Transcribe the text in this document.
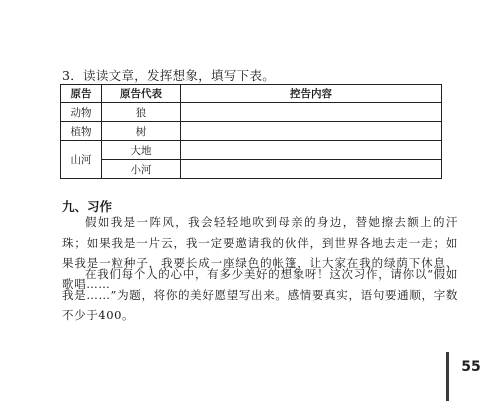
3．读读文章，发挥想象，填写下表。
原告	原告代表	控告内容
动物	狼	
植物	树	
山河	大地	
	小河	
九、习作

假如我是一阵风，我会轻轻地吹到母亲的身边，替她擦去额上的汗珠；如果我是一片云，我一定要邀请我的伙伴，到世界各地去走一走；如果我是一粒种子，我要长成一座绿色的帐篷，让大家在我的绿荫下休息、歌唱……

在我们每个人的心中，有多少美好的想象呀！这次习作，请你以“假如我是……”为题，将你的美好愿望写出来。感情要真实，语句要通顺，字数不少于400。

55
